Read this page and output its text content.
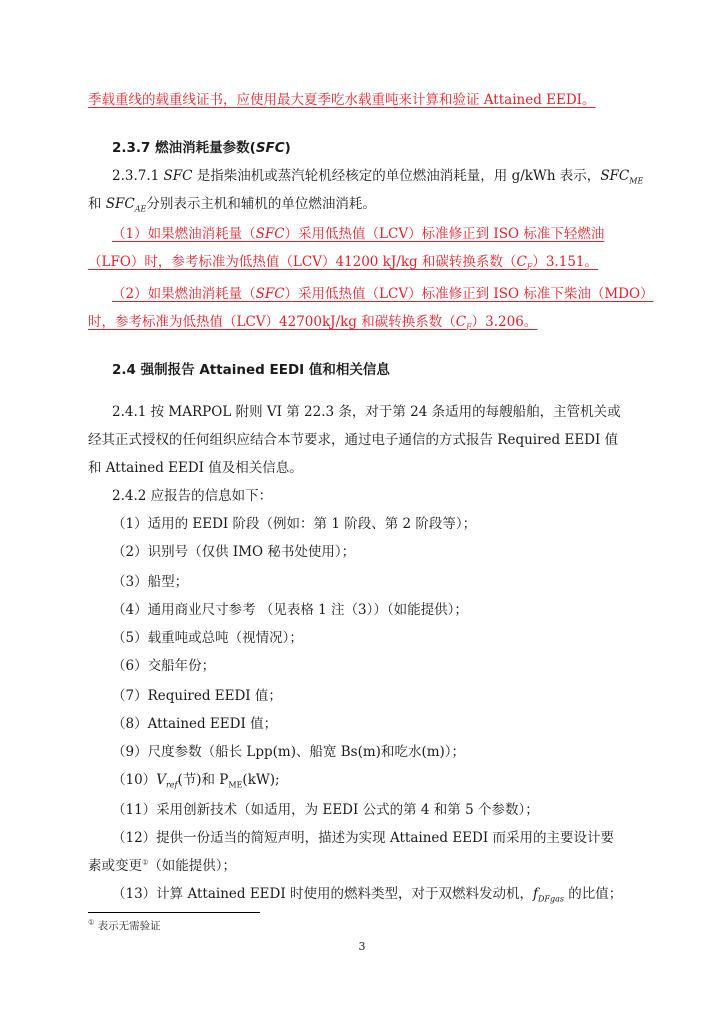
季载重线的载重线证书，应使用最大夏季吃水载重吨来计算和验证 Attained EEDI。
2.3.7 燃油消耗量参数(SFC)
2.3.7.1 SFC 是指柴油机或蒸汽轮机经核定的单位燃油消耗量，用 g/kWh 表示，$SFC_{ME}$
和 $SFC_{AE}$分别表示主机和辅机的单位燃油消耗。
（1）如果燃油消耗量（SFC）采用低热值（LCV）标准修正到 ISO 标准下轻燃油
（LFO）时，参考标准为低热值（LCV）41200 kJ/kg 和碳转换系数$(C_F)3.151$。
（2）如果燃油消耗量（SFC）采用低热值（LCV）标准修正到 ISO 标准下柴油（MDO）
时，参考标准为低热值（LCV）42700kJ/kg 和碳转换系数$(C_F)3.206$。
2.4 强制报告 Attained EEDI 值和相关信息
2.4.1 按 MARPOL 附则 VI 第 22.3 条，对于第 24 条适用的每艘船舶，主管机关或
经其正式授权的任何组织应结合本节要求，通过电子通信的方式报告 Required EEDI 值
和 Attained EEDI 值及相关信息。
2.4.2 应报告的信息如下：
（1）适用的 EEDI 阶段（例如：第 1 阶段、第 2 阶段等）；
（2）识别号（仅供 IMO 秘书处使用）；
（3）船型；
（4）通用商业尺寸参考 （见表格 1 注（3））（如能提供）；
（5）载重吨或总吨（视情况）；
（6）交船年份；
（7）Required EEDI 值；
（8）Attained EEDI 值；
（9）尺度参数（船长 Lpp(m)、船宽 Bs(m)和吃水(m)）；
$(10)V_{ref}$(节)和 $P_{ME}(kW)$;
（11）采用创新技术（如适用，为 EEDI 公式的第 4 和第 5 个参数）；
（12）提供一份适当的简短声明，描述为实现 Attained EEDI 而采用的主要设计要
素或变更①（如能提供）；
（13）计算 Attained EEDI 时使用的燃料类型，对于双燃料发动机，$f_{DFgas}$ 的比值；
① 表示无需验证
3
